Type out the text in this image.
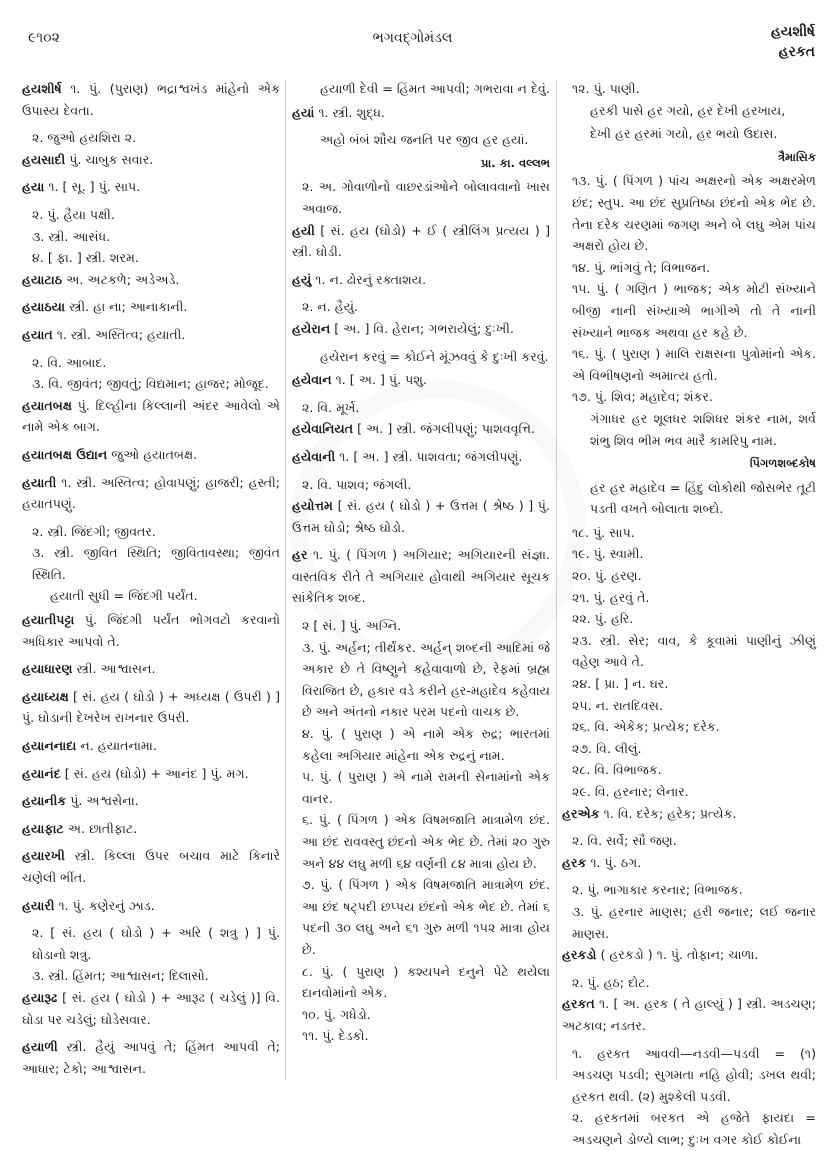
૯૧૦૨	ભગવદ્ગોમંડલ	હયશીર્ષ
હરકત
હયશીર્ષ ૧. પું. (પુરાણ) ભદ્રાશ્વખંડ માંહેનો એક ઉપાસ્ય દેવતા.
૨. જુઓ હયશિરા ૨.
હયસાદી પું. ચાબુક સવાર.
હયા ૧. [ સૂ. ] પું. સાપ.
૨. પું. હૈયા પક્ષી.
૩. સ્ત્રી. આસંધ.
૪. [ ફા. ] સ્ત્રી. શરમ.
હયાટાઠ અ. અટકળે; અડેઅડે.
હયાઠયા સ્ત્રી. હા ના; આનાકાની.
હયાત ૧. સ્ત્રી. અસ્તિત્વ; હયાતી.
૨. વિ. આબાદ.
૩. વિ. જીવંત; જીવતું; વિદ્યમાન; હાજર; મોજૂદ.
હયાતબક્ષ પું. દિલ્હીના કિલ્લાની અંદર આવેલો એ નામે એક બાગ.
હયાતબક્ષ ઉદ્યાન જુઓ હયાતબક્ષ.
હયાતી ૧. સ્ત્રી. અસ્તિત્વ; હોવાપણું; હાજરી; હસ્તી; હયાતપણું.
૨. સ્ત્રી. જિંદગી; જીવતર.
૩. સ્ત્રી. જીવિત સ્થિતિ; જીવિતાવસ્થા; જીવંત સ્થિતિ.
હયાતી સુધી = જિંદગી પર્યંત.
હયાતીપટ્ટા પું. જિંદગી પર્યંત ભોગવટો કરવાનો અધિકાર આપવો તે.
હયાધારણ સ્ત્રી. આશ્વાસન.
હયાધ્યક્ષ [ સં. હય ( ઘોડો ) + અધ્યક્ષ ( ઉપરી ) ] પું. ઘોડાની દેખરેખ રાખનાર ઉપરી.
હયાનનાદા ન. હયાતનામા.
હયાનંદ [ સં. હય (ઘોડો) + આનંદ ] પું. મગ.
હયાનીક પું. અશ્વસેના.
હયાફાટ અ. છાતીફાટ.
હયારખી સ્ત્રી. કિલ્લા ઉપર બચાવ માટે કિનારે ચણેલી ભીંત.
હયારી ૧. પું. કણેરનું ઝાડ.
૨. [ સં. હય ( ઘોડો ) + અરિ ( શત્રુ ) ] પું. ઘોડાનો શત્રુ.
૩. સ્ત્રી. હિંમત; આશ્વાસન; દિલાસો.
હયારૂઢ [ સં. હય ( ઘોડો ) + આરૂઢ ( ચડેલું )] વિ. ઘોડા પર ચડેલું; ઘોડેસવાર.
હયાળી સ્ત્રી. હૈયું આપવું તે; હિંમત આપવી તે; આધાર; ટેકો; આશ્વાસન.
હયાળી દેવી = હિંમત આપવી; ગભરાવા ન દેવું.
હયાં ૧. સ્ત્રી. શુદ્ધ.
અહો બંબં શૌચ જનતિ પર જીવ હર હયાં.
પ્રા. કા. વલ્લભ
૨. અ. ગોવાળોનો વાછરડાંઓને બોલાવવાનો ખાસ અવાજ.
હયી [ સં. હય (ઘોડો) + ઈ ( સ્ત્રીલિંગ પ્રત્યય ) ] સ્ત્રી. ઘોડી.
હયું ૧. ન. ઢોરનું રક્તાશય.
૨. ન. હૈયું.
હયેરાન [ અ. ] વિ. હેરાન; ગભરાયેલું; દુઃખી.
હયેરાન કરવું = કોઈને મૂંઝવવું કે દુઃખી કરવું.
હયેવાન ૧. [ અ. ] પું. પશુ.
૨. વિ. મૂર્ખ.
હયેવાનિયત [ અ. ] સ્ત્રી. જંગલીપણું; પાશવવૃત્તિ.
હયેવાની ૧. [ અ. ] સ્ત્રી. પાશવતા; જંગલીપણું.
૨. વિ. પાશવ; જંગલી.
હયોત્તમ [ સં. હય ( ઘોડો ) + ઉત્તમ ( શ્રેષ્ઠ ) ] પું. ઉત્તમ ઘોડો; શ્રેષ્ઠ ઘોડો.
હર ૧. પું. ( પિંગળ ) અગિયાર; અગિયારની સંજ્ઞા. વાસ્તવિક રીતે તે અગિયાર હોવાથી અગિયાર સૂચક સાંકેતિક શબ્દ.
૨ [ સં. ] પું. અગ્નિ.
૩. પું. અર્હન; તીર્થંકર. અર્હન્ શબ્દની આદિમાં જે અકાર છે તે વિષ્ણુને કહેવાવાળો છે, રેફમાં બ્રહ્મ વિરાજિત છે, હકાર વડે કરીને હર-મહાદેવ કહેવાય છે અને અંતનો નકાર પરમ પદનો વાચક છે.
૪. પું. ( પુરાણ ) એ નામે એક રુદ્ર; ભારતમાં કહેલા અગિયાર માંહેના એક રુદ્રનું નામ.
૫. પું. ( પુરાણ ) એ નામે રામની સેનામાંનો એક વાનર.
૬. પું. ( પિંગળ ) એક વિષમજાતિ માત્રામેળ છંદ. આ છંદ રાવવસ્તુ છંદનો એક ભેદ છે. તેમાં ૨૦ ગુરુ અને ૪૪ લઘુ મળી ૬૪ વર્ણની ૮૪ માત્રા હોય છે.
૭. પું. ( પિંગળ ) એક વિષમજાતિ માત્રામેળ છંદ. આ છંદ ષટ્પદી છપ્પય છંદનો એક ભેદ છે. તેમાં ૬ પદની ૩૦ લઘુ અને ૬૧ ગુરુ મળી ૧૫૨ માત્રા હોય છે.
૮. પું. ( પુરાણ ) કશ્યપને દનુને પેટે થયેલા દાનવોમાંનો એક.
૧૦. પું. ગધેડો.
૧૧. પું. દેડકો.
૧૨. પું. પાણી.
હરકી પાસે હર ગયો, હર દેખી હરખાય,
દેખી હર હરમાં ગયો, હર ભયો ઉદાસ.
ત્રૈમાસિક
૧૩. પું. ( પિંગળ ) પાંચ અક્ષરનો એક અક્ષરમેળ છંદ; સ્તુપ. આ છંદ સુપ્રતિષ્ઠા છંદનો એક ભેદ છે. તેના દરેક ચરણમાં જગણ અને બે લઘુ એમ પાંચ અક્ષરો હોય છે.
૧૪. પું. ભાંગવું તે; વિભાજન.
૧૫. પું. ( ગણિત ) ભાજક; એક મોટી સંખ્યાને બીજી નાની સંખ્યાએ ભાગીએ તો તે નાની સંખ્યાને ભાજક અથવા હર કહે છે.
૧૬. પું. ( પુરાણ ) માલિ રાક્ષસના પુત્રોમાંનો એક. એ વિભીષણનો અમાત્ય હતો.
૧૭. પું. શિવ; મહાદેવ; શંકર.
ગંગાધર હર શૂલધર શશિધર શંકર નામ, શર્વ શંભુ શિવ ભીમ ભવ મારૈ કામરિપુ નામ.
પિંગળશબ્દકોષ
હર હર મહાદેવ = હિંદુ લોકોથી જોસભેર તૂટી પડતી વખતે બોલાતા શબ્દો.
૧૮. પું. સાપ.
૧૯. પું. સ્વામી.
૨૦. પું. હરણ.
૨૧. પું. હરવું તે.
૨૨. પું. હરિ.
૨૩. સ્ત્રી. સેર; વાવ, કે કૂવામાં પાણીનું ઝીણું વહેણ આવે તે.
૨૪. [ પ્રા. ] ન. ઘર.
૨૫. ન. રાતદિવસ.
૨૬. વિ. એકેક; પ્રત્યેક; દરેક.
૨૭. વિ. લીલું.
૨૮. વિ. વિભાજક.
૨૯. વિ. હરનાર; લેનાર.
હરએક ૧. વિ. દરેક; હરેક; પ્રત્યેક.
૨. વિ. સર્વે; સૌ જણ.
હરક ૧. પું. ઠગ.
૨. પું. ભાગાકાર કરનાર; વિભાજક.
૩. પું. હરનાર માણસ; હરી જનાર; લઈ જનાર માણસ.
હરકડો ( હરકડો ) ૧. પું. તોફાન; ચાળા.
૨. પું. હઠ; દોટ.
હરકત ૧. [ અ. હરક ( તે હાલ્યું ) ] સ્ત્રી. અડચણ; અટકાવ; નડતર.
૧. હરકત આવવી—નડવી—પડવી = (૧) અડચણ પડવી; સુગમતા નહિ હોવી; ડખલ થવી; હરકત થવી. (૨) મુશ્કેલી પડવી.
૨. હરકતમાં બરકત એ હજેતે ફાયદા = અડચણને ડોળ્યે લાભ; દુઃખ વગર કોઈ કોઈના
